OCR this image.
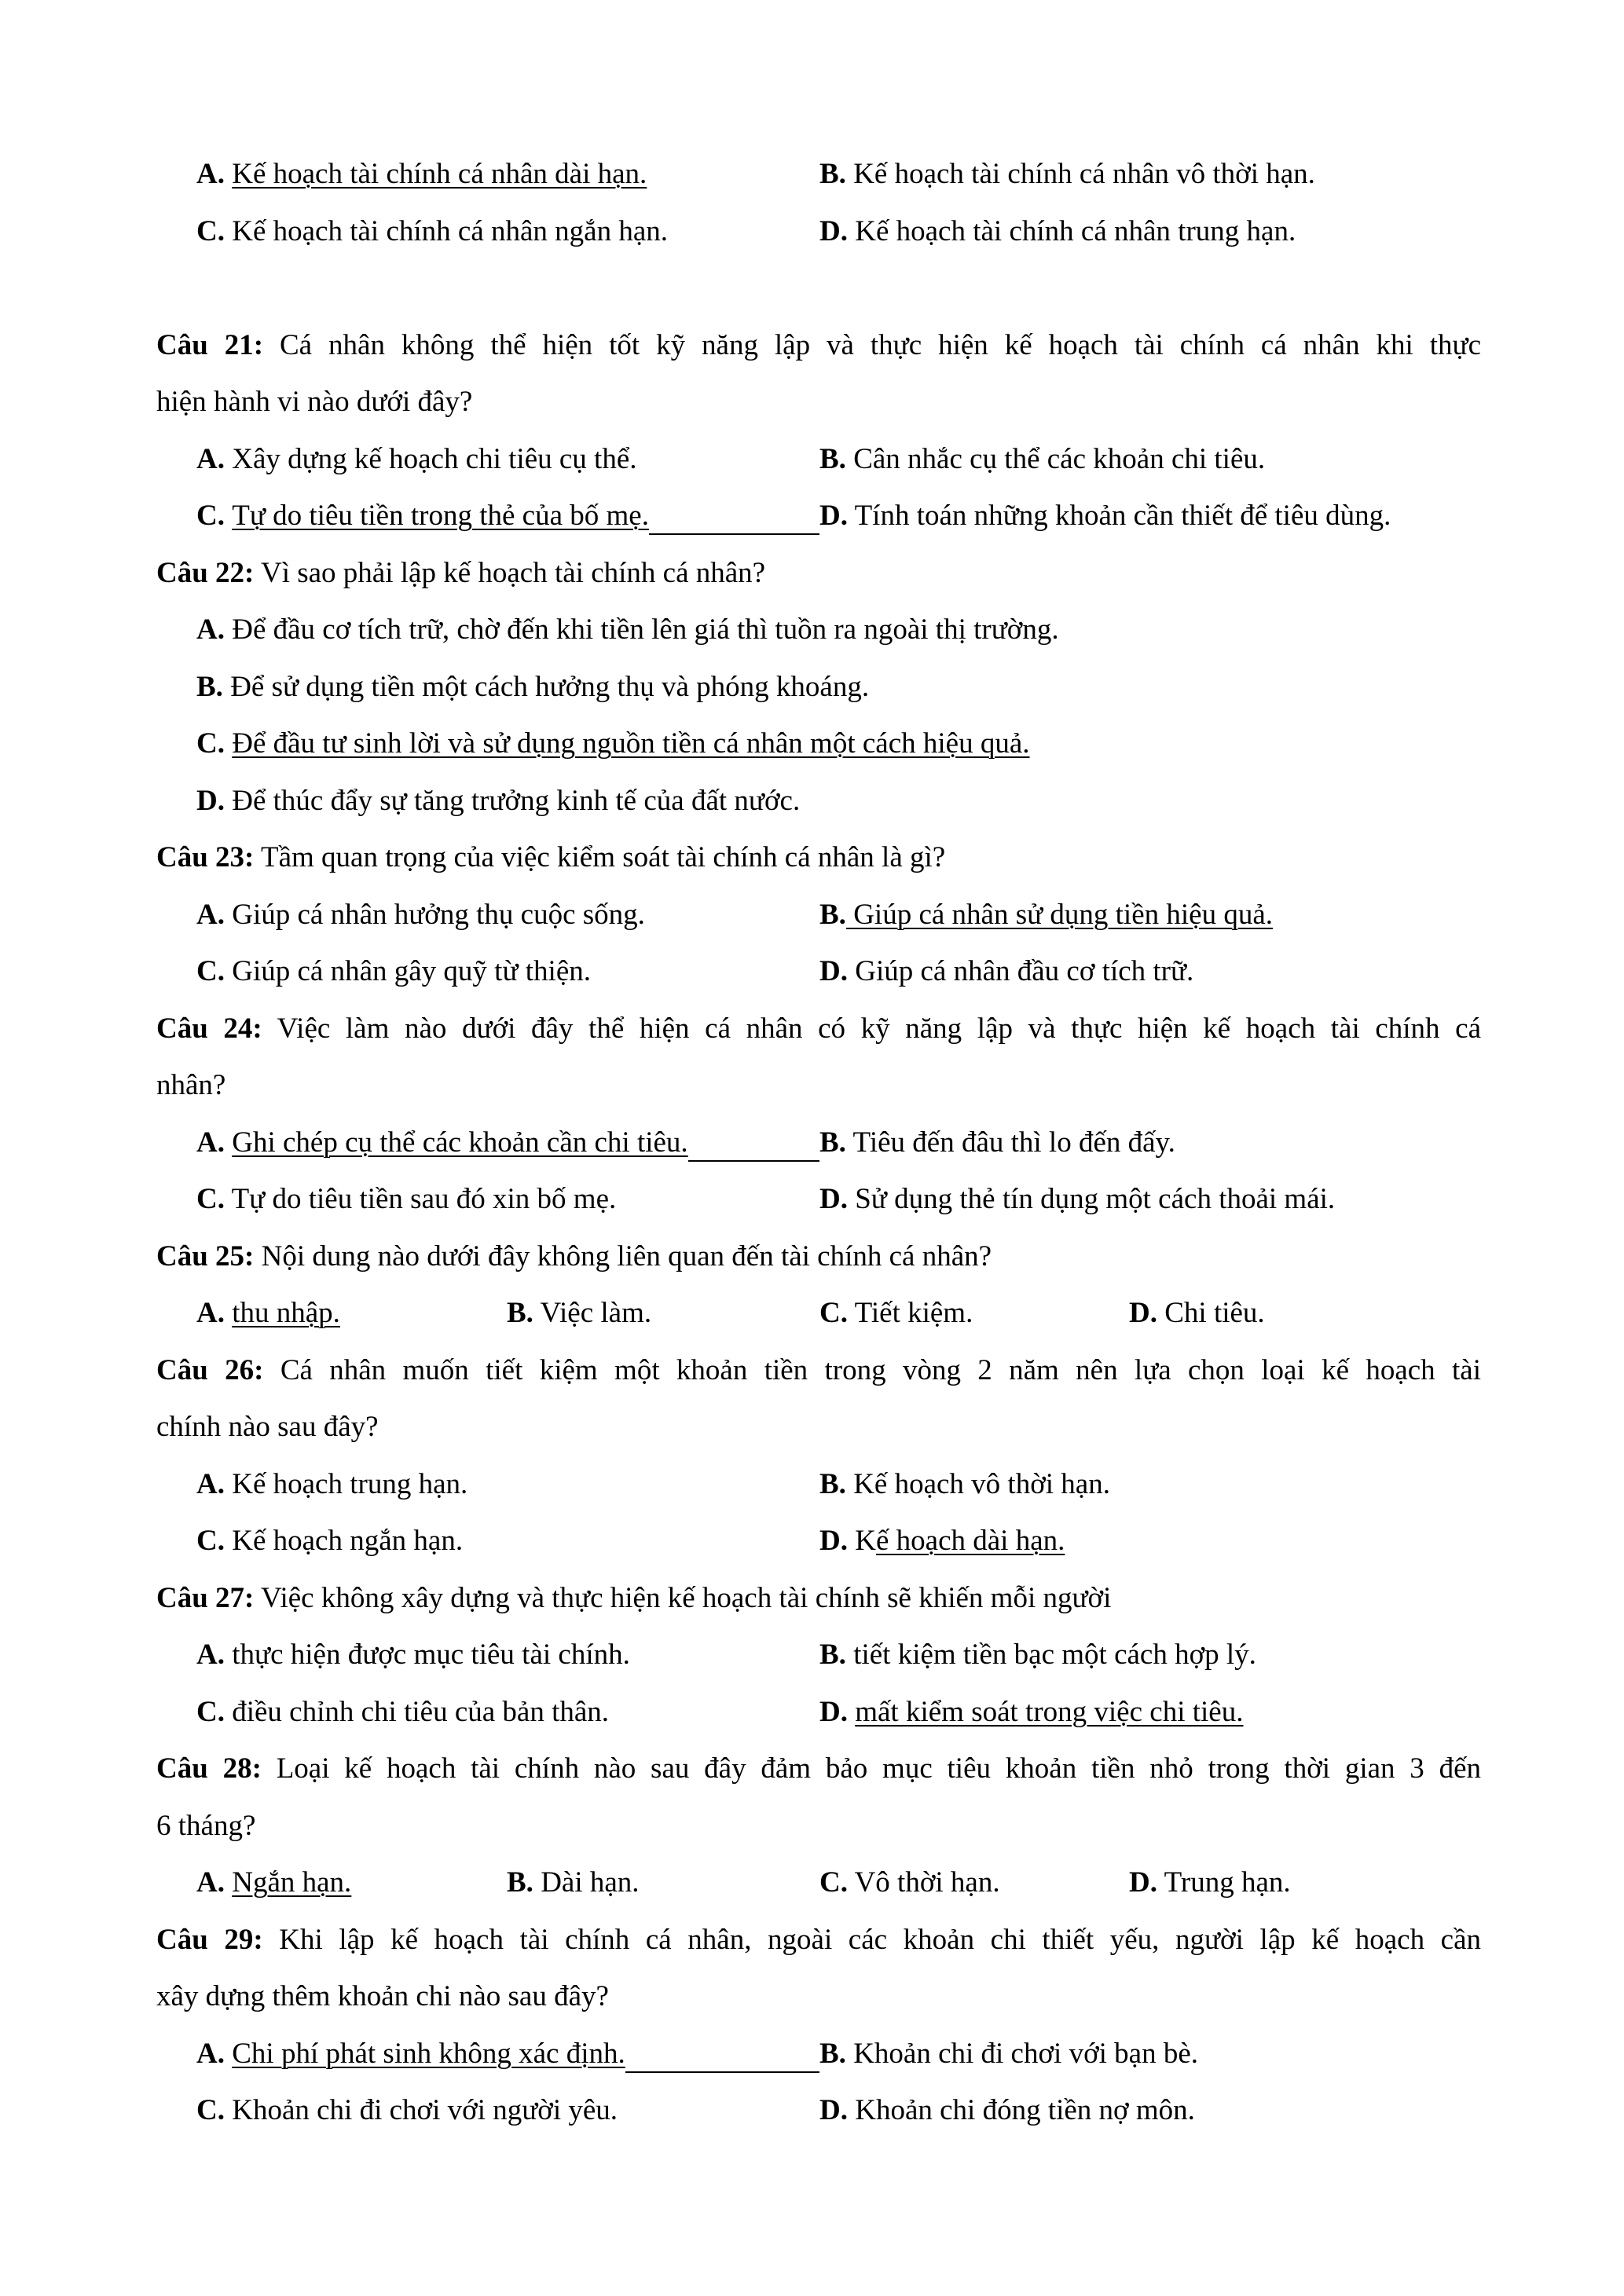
A.
Kế hoạch tài chính cá nhân dài hạn.	B. Kế hoạch tài chính cá nhân vô thời hạn.
C. Kế hoạch tài chính cá nhân ngắn hạn.	D. Kế hoạch tài chính cá nhân trung hạn.
Câu 21: Cá nhân không thể hiện tốt kỹ năng lập và thực hiện kế hoạch tài chính cá nhân khi thực
hiện hành vi nào dưới đây?
A. Xây dựng kế hoạch chi tiêu cụ thể.	B. Cân nhắc cụ thể các khoản chi tiêu.
C.
Tự do tiêu tiền trong thẻ của bố mẹ.	D. Tính toán những khoản cần thiết để tiêu dùng.
Câu 22: Vì sao phải lập kế hoạch tài chính cá nhân?
A. Để đầu cơ tích trữ, chờ đến khi tiền lên giá thì tuồn ra ngoài thị trường.
B. Để sử dụng tiền một cách hưởng thụ và phóng khoáng.
C.
Để đầu tư sinh lời và sử dụng nguồn tiền cá nhân một cách hiệu quả.
D. Để thúc đẩy sự tăng trưởng kinh tế của đất nước.
Câu 23: Tầm quan trọng của việc kiểm soát tài chính cá nhân là gì?
A. Giúp cá nhân hưởng thụ cuộc sống.	B. Giúp cá nhân sử dụng tiền hiệu quả.
C. Giúp cá nhân gây quỹ từ thiện.	D. Giúp cá nhân đầu cơ tích trữ.
Câu 24: Việc làm nào dưới đây thể hiện cá nhân có kỹ năng lập và thực hiện kế hoạch tài chính cá
nhân?
A.
Ghi chép cụ thể các khoản cần chi tiêu.	B. Tiêu đến đâu thì lo đến đấy.
C. Tự do tiêu tiền sau đó xin bố mẹ.	D. Sử dụng thẻ tín dụng một cách thoải mái.
Câu 25: Nội dung nào dưới đây không liên quan đến tài chính cá nhân?
A.
thu nhập.	B. Việc làm.	C. Tiết kiệm.	D. Chi tiêu.
Câu 26: Cá nhân muốn tiết kiệm một khoản tiền trong vòng 2 năm nên lựa chọn loại kế hoạch tài
chính nào sau đây?
A. Kế hoạch trung hạn.	B. Kế hoạch vô thời hạn.
C. Kế hoạch ngắn hạn.	D. K ế hoạch dài hạn.
Câu 27: Việc không xây dựng và thực hiện kế hoạch tài chính sẽ khiến mỗi người
A. thực hiện được mục tiêu tài chính.	B. tiết kiệm tiền bạc một cách hợp lý.
C. điều chỉnh chi tiêu của bản thân.	D.
mất kiểm soát trong việc chi tiêu.
Câu 28: Loại kế hoạch tài chính nào sau đây đảm bảo mục tiêu khoản tiền nhỏ trong thời gian 3 đến
6 tháng?
A.
Ngắn hạn.	B. Dài hạn.	C. Vô thời hạn.	D. Trung hạn.
Câu 29: Khi lập kế hoạch tài chính cá nhân, ngoài các khoản chi thiết yếu, người lập kế hoạch cần
xây dựng thêm khoản chi nào sau đây?
A.
Chi phí phát sinh không xác định.	B. Khoản chi đi chơi với bạn bè.
C. Khoản chi đi chơi với người yêu.	D. Khoản chi đóng tiền nợ môn.
